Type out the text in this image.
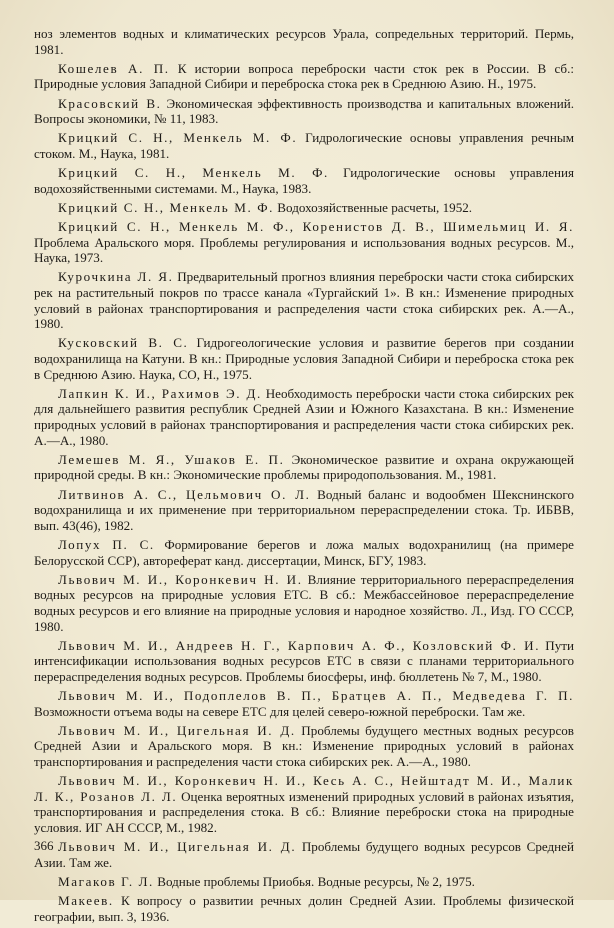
ноз элементов водных и климатических ресурсов Урала, сопредельных территорий. Пермь, 1981.

Кошелев А. П. К истории вопроса переброски части сток рек в России. В сб.: Природные условия Западной Сибири и переброска стока рек в Среднюю Азию. Н., 1975.

Красовский В. Экономическая эффективность производства и капитальных вложений. Вопросы экономики, № 11, 1983.

Крицкий С. Н., Менкель М. Ф. Гидрологические основы управления речным стоком. М., Наука, 1981.

Крицкий С. Н., Менкель М. Ф. Гидрологические основы управления водохозяйственными системами. М., Наука, 1983.

Крицкий С. Н., Менкель М. Ф. Водохозяйственные расчеты, 1952.

Крицкий С. Н., Менкель М. Ф., Коренистов Д. В., Шимельмиц И. Я. Проблема Аральского моря. Проблемы регулирования и использования водных ресурсов. М., Наука, 1973.

Курочкина Л. Я. Предварительный прогноз влияния переброски части стока сибирских рек на растительный покров по трассе канала «Тургайский 1». В кн.: Изменение природных условий в районах транспортирования и распределения части стока сибирских рек. А.—А., 1980.

Кусковский В. С. Гидрогеологические условия и развитие берегов при создании водохранилища на Катуни. В кн.: Природные условия Западной Сибири и переброска стока рек в Среднюю Азию. Наука, СО, Н., 1975.

Лапкин К. И., Рахимов Э. Д. Необходимость переброски части стока сибирских рек для дальнейшего развития республик Средней Азии и Южного Казахстана. В кн.: Изменение природных условий в районах транспортирования и распределения части стока сибирских рек. А.—А., 1980.

Лемешев М. Я., Ушаков Е. П. Экономическое развитие и охрана окружающей природной среды. В кн.: Экономические проблемы природопользования. М., 1981.

Литвинов А. С., Цельмович О. Л. Водный баланс и водообмен Шекснинского водохранилища и их применение при территориальном перераспределении стока. Тр. ИБВВ, вып. 43(46), 1982.

Лопух П. С. Формирование берегов и ложа малых водохранилищ (на примере Белорусской ССР), автореферат канд. диссертации, Минск, БГУ, 1983.

Львович М. И., Коронкевич Н. И. Влияние территориального перераспределения водных ресурсов на природные условия ЕТС. В сб.: Межбассейновое перераспределение водных ресурсов и его влияние на природные условия и народное хозяйство. Л., Изд. ГО СССР, 1980.

Львович М. И., Андреев Н. Г., Карпович А. Ф., Козловский Ф. И. Пути интенсификации использования водных ресурсов ЕТС в связи с планами территориального перераспределения водных ресурсов. Проблемы биосферы, инф. бюллетень № 7, М., 1980.

Львович М. И., Подоплелов В. П., Братцев А. П., Медведева Г. П. Возможности отъема воды на севере ЕТС для целей северо-южной переброски. Там же.

Львович М. И., Цигельная И. Д. Проблемы будущего местных водных ресурсов Средней Азии и Аральского моря. В кн.: Изменение природных условий в районах транспортирования и распределения части стока сибирских рек. А.—А., 1980.

Львович М. И., Коронкевич Н. И., Кесь А. С., Нейштадт М. И., Малик Л. К., Розанов Л. Л. Оценка вероятных изменений природных условий в районах изъятия, транспортирования и распределения стока. В сб.: Влияние переброски стока на природные условия. ИГ АН СССР, М., 1982.

Львович М. И., Цигельная И. Д. Проблемы будущего водных ресурсов Средней Азии. Там же.

Магаков Г. Л. Водные проблемы Приобья. Водные ресурсы, № 2, 1975.

Макеев. К вопросу о развитии речных долин Средней Азии. Проблемы физической географии, вып. 3, 1936.

366
